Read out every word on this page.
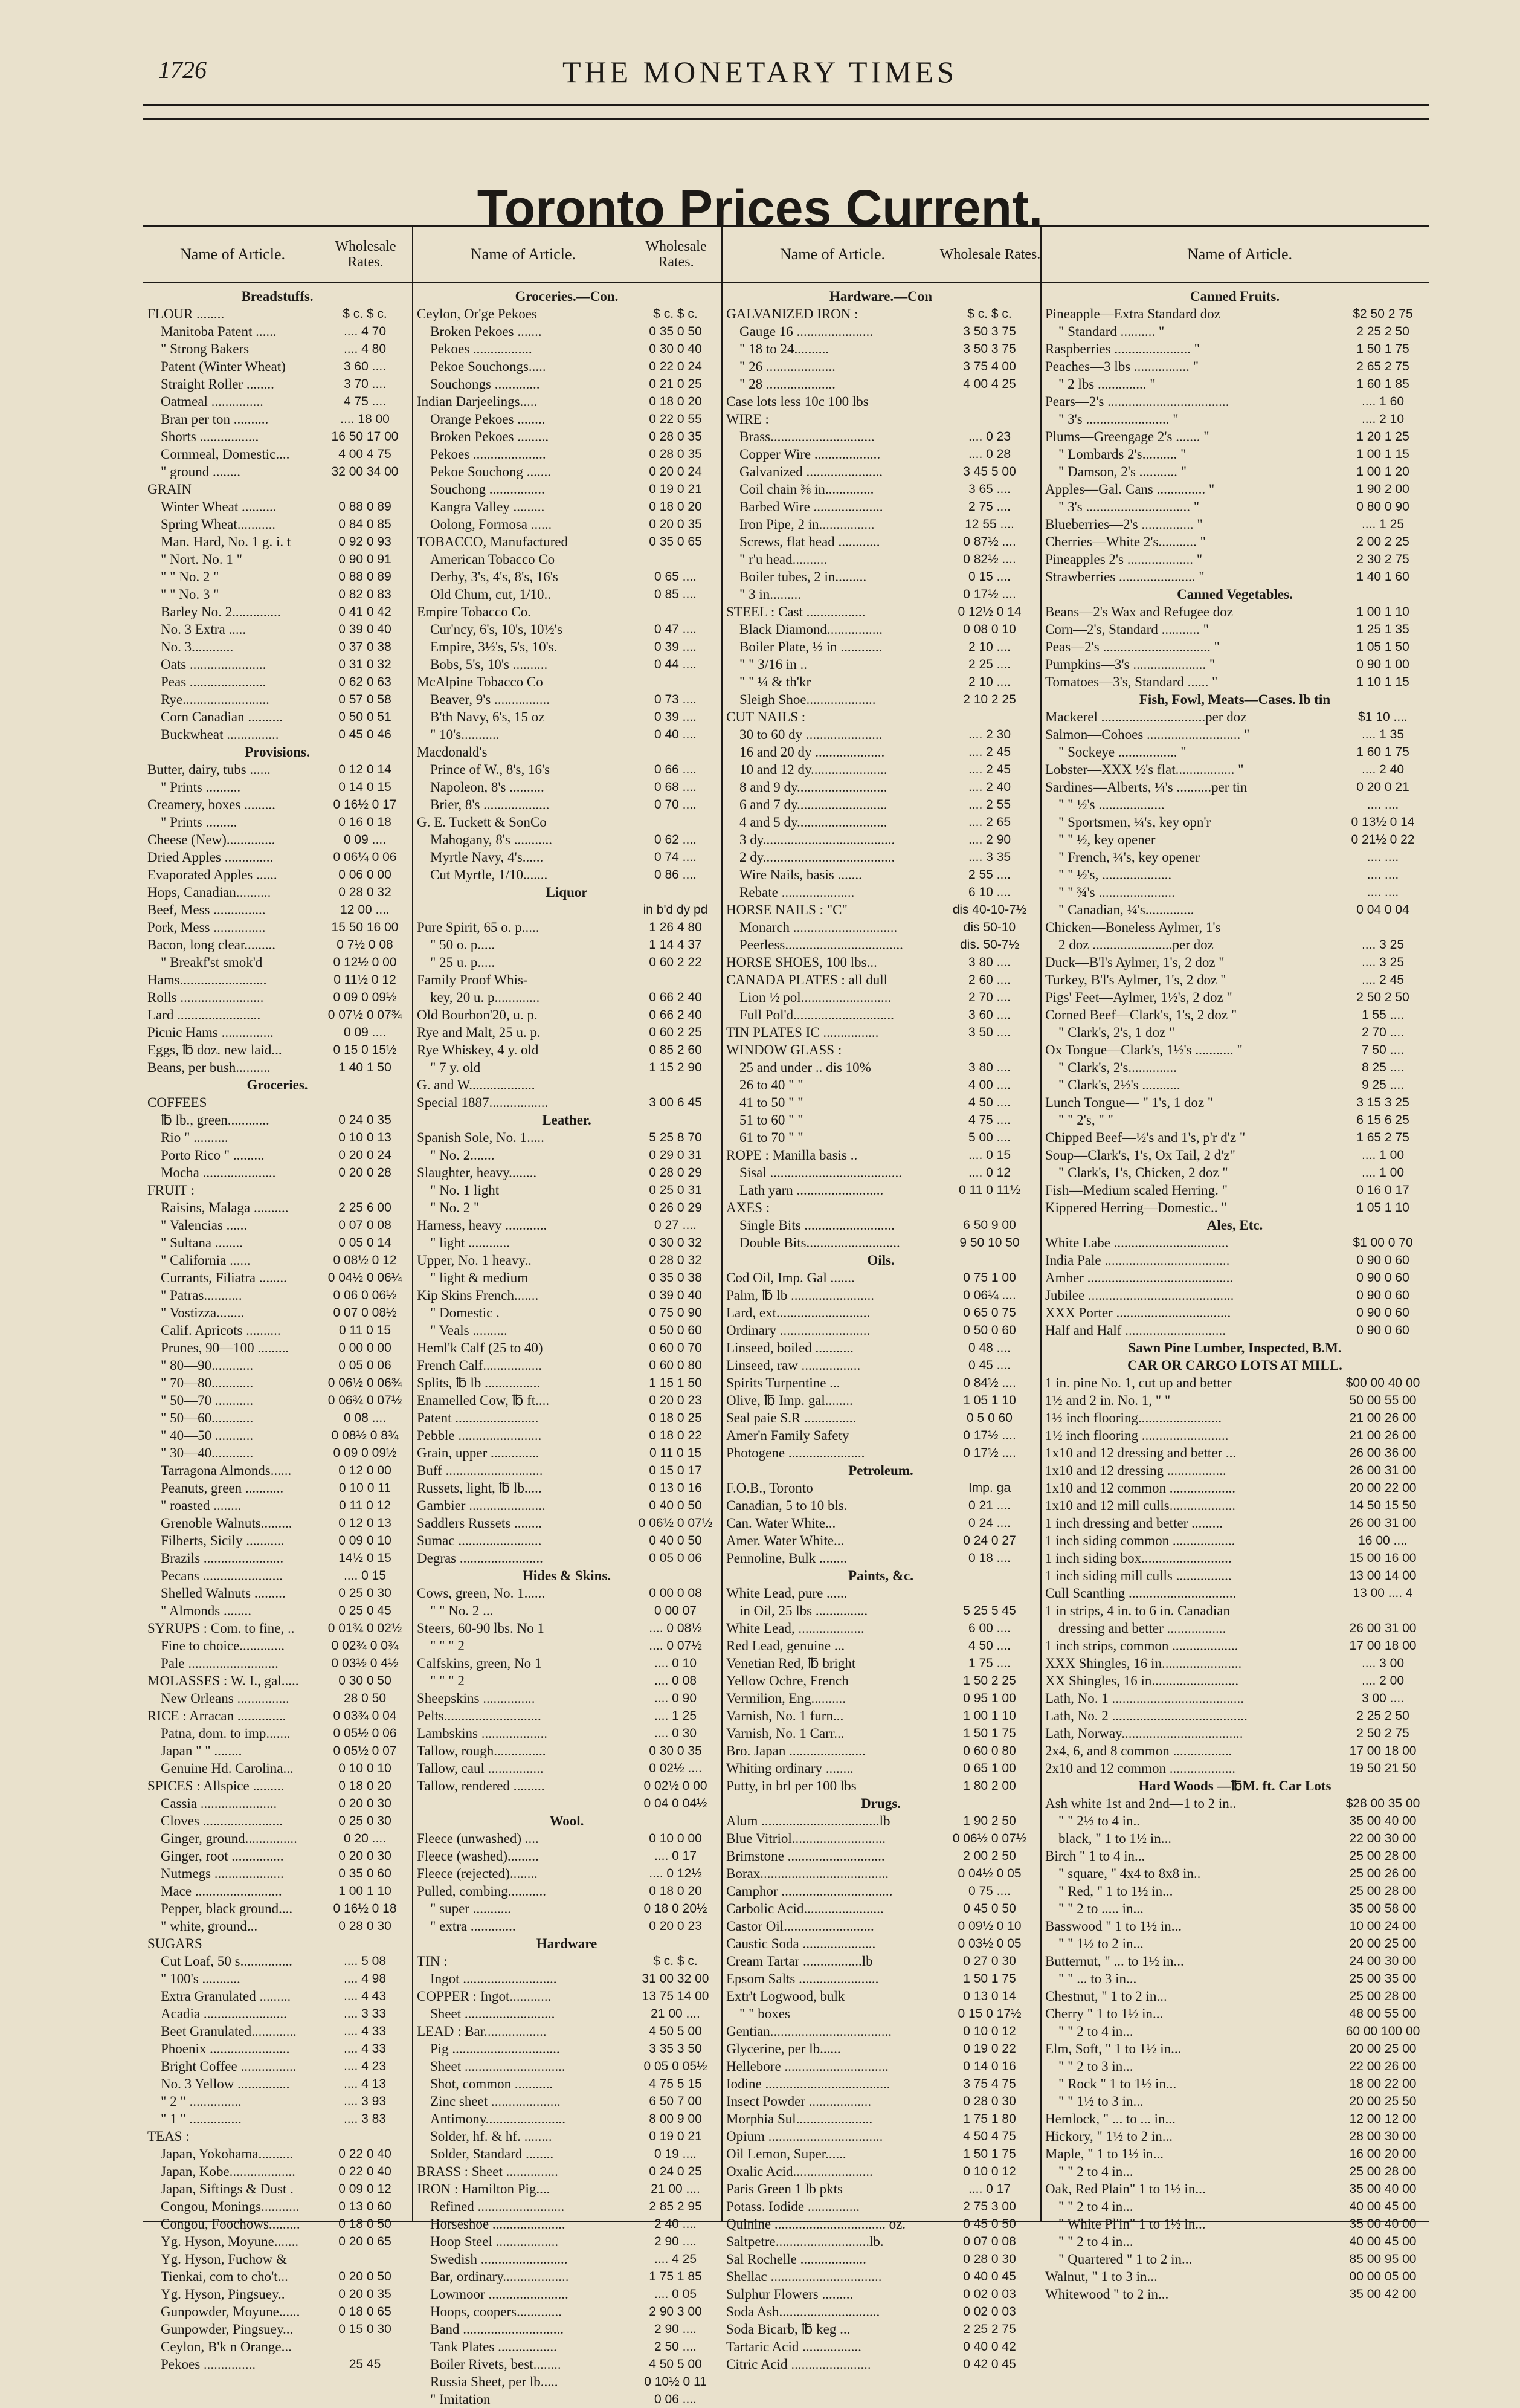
1726	THE MONETARY TIMES
Toronto Prices Current.
Name of Article.	Wholesale Rates.
Breadstuffs.
FLOUR ........	$ c. $ c.
Manitoba Patent ......	.... 4 70
" Strong Bakers	.... 4 80
Patent (Winter Wheat)	3 60 ....
Straight Roller ........	3 70 ....
Oatmeal ...............	4 75 ....
Bran per ton ..........	.... 18 00
Shorts .................	16 50 17 00
Cornmeal, Domestic....	4 00 4 75
" ground ........	32 00 34 00
GRAIN
Winter Wheat ..........	0 88 0 89
Spring Wheat...........	0 84 0 85
Man. Hard, No. 1 g. i. t	0 92 0 93
" Nort. No. 1 "	0 90 0 91
" " No. 2 "	0 88 0 89
" " No. 3 "	0 82 0 83
Barley No. 2..............	0 41 0 42
No. 3 Extra .....	0 39 0 40
No. 3............	0 37 0 38
Oats ......................	0 31 0 32
Peas ......................	0 62 0 63
Rye.........................	0 57 0 58
Corn Canadian ..........	0 50 0 51
Buckwheat ...............	0 45 0 46
Provisions.
Butter, dairy, tubs ......	0 12 0 14
" Prints ..........	0 14 0 15
Creamery, boxes .........	0 16½ 0 17
" Prints .........	0 16 0 18
Cheese (New)..............	0 09 ....
Dried Apples ..............	0 06¼ 0 06
Evaporated Apples ......	0 06 0 00
Hops, Canadian..........	0 28 0 32
Beef, Mess ...............	12 00 ....
Pork, Mess ...............	15 50 16 00
Bacon, long clear.........	0 7½ 0 08
" Breakf'st smok'd	0 12½ 0 00
Hams.........................	0 11½ 0 12
Rolls ........................	0 09 0 09½
Lard ........................	0 07½ 0 07¾
Picnic Hams ...............	0 09 ....
Eggs, ℔ doz. new laid...	0 15 0 15½
Beans, per bush..........	1 40 1 50
Groceries.
COFFEES
℔ lb., green............	0 24 0 35
Rio " ..........	0 10 0 13
Porto Rico " .........	0 20 0 24
Mocha .....................	0 20 0 28
FRUIT :
Raisins, Malaga ..........	2 25 6 00
" Valencias ......	0 07 0 08
" Sultana ........	0 05 0 14
" California ......	0 08½ 0 12
Currants, Filiatra ........	0 04½ 0 06¼
" Patras...........	0 06 0 06½
" Vostizza........	0 07 0 08½
Calif. Apricots ..........	0 11 0 15
Prunes, 90—100 .........	0 00 0 00
" 80—90............	0 05 0 06
" 70—80............	0 06½ 0 06¾
" 50—70 ...........	0 06¾ 0 07½
" 50—60............	0 08 ....
" 40—50 ...........	0 08½ 0 8¾
" 30—40............	0 09 0 09½
Tarragona Almonds......	0 12 0 00
Peanuts, green ...........	0 10 0 11
" roasted ........	0 11 0 12
Grenoble Walnuts.........	0 12 0 13
Filberts, Sicily ...........	0 09 0 10
Brazils .......................	14½ 0 15
Pecans .......................	.... 0 15
Shelled Walnuts .........	0 25 0 30
" Almonds ........	0 25 0 45
SYRUPS : Com. to fine, ..	0 01¾ 0 02½
Fine to choice.............	0 02¾ 0 0¾
Pale ..........................	0 03½ 0 4½
MOLASSES : W. I., gal.....	0 30 0 50
New Orleans ...............	28 0 50
RICE : Arracan ..............	0 03¾ 0 04
Patna, dom. to imp.......	0 05½ 0 06
Japan " " ........	0 05½ 0 07
Genuine Hd. Carolina...	0 10 0 10
SPICES : Allspice .........	0 18 0 20
Cassia ......................	0 20 0 30
Cloves .......................	0 25 0 30
Ginger, ground...............	0 20 ....
Ginger, root ...............	0 20 0 30
Nutmegs ....................	0 35 0 60
Mace .........................	1 00 1 10
Pepper, black ground....	0 16½ 0 18
" white, ground...	0 28 0 30
SUGARS
Cut Loaf, 50 s...............	.... 5 08
" 100's ...........	.... 4 98
Extra Granulated .........	.... 4 43
Acadia ........................	.... 3 33
Beet Granulated.............	.... 4 33
Phoenix .......................	.... 4 33
Bright Coffee ................	.... 4 23
No. 3 Yellow ...............	.... 4 13
" 2 " ...............	.... 3 93
" 1 " ...............	.... 3 83
TEAS :
Japan, Yokohama..........	0 22 0 40
Japan, Kobe...................	0 22 0 40
Japan, Siftings & Dust .	0 09 0 12
Congou, Monings...........	0 13 0 60
Congou, Foochows.........	0 18 0 50
Yg. Hyson, Moyune.......	0 20 0 65
Yg. Hyson, Fuchow &
Tienkai, com to cho't...	0 20 0 50
Yg. Hyson, Pingsuey..	0 20 0 35
Gunpowder, Moyune......	0 18 0 65
Gunpowder, Pingsuey...	0 15 0 30
Ceylon, B'k n Orange...
Pekoes ...............	25 45
Name of Article.	Wholesale Rates.
Groceries.—Con.
Ceylon, Or'ge Pekoes	$ c. $ c.
Broken Pekoes .......	0 35 0 50
Pekoes .................	0 30 0 40
Pekoe Souchongs.....	0 22 0 24
Souchongs .............	0 21 0 25
Indian Darjeelings.....	0 18 0 20
Orange Pekoes ........	0 22 0 55
Broken Pekoes .........	0 28 0 35
Pekoes .....................	0 28 0 35
Pekoe Souchong .......	0 20 0 24
Souchong ................	0 19 0 21
Kangra Valley .........	0 18 0 20
Oolong, Formosa ......	0 20 0 35
TOBACCO, Manufactured	0 35 0 65
American Tobacco Co
Derby, 3's, 4's, 8's, 16's	0 65 ....
Old Chum, cut, 1/10..	0 85 ....
Empire Tobacco Co.
Cur'ncy, 6's, 10's, 10½'s	0 47 ....
Empire, 3½'s, 5's, 10's.	0 39 ....
Bobs, 5's, 10's ..........	0 44 ....
McAlpine Tobacco Co
Beaver, 9's ................	0 73 ....
B'th Navy, 6's, 15 oz	0 39 ....
" 10's...........	0 40 ....
Macdonald's
Prince of W., 8's, 16's	0 66 ....
Napoleon, 8's ..........	0 68 ....
Brier, 8's ...................	0 70 ....
G. E. Tuckett & SonCo
Mahogany, 8's ...........	0 62 ....
Myrtle Navy, 4's......	0 74 ....
Cut Myrtle, 1/10.......	0 86 ....
Liquor
in b'd dy pd
Pure Spirit, 65 o. p.....	1 26 4 80
" 50 o. p.....	1 14 4 37
" 25 u. p.....	0 60 2 22
Family Proof Whis-
key, 20 u. p.............	0 66 2 40
Old Bourbon'20, u. p.	0 66 2 40
Rye and Malt, 25 u. p.	0 60 2 25
Rye Whiskey, 4 y. old	0 85 2 60
" 7 y. old	1 15 2 90
G. and W...................
Special 1887.................	3 00 6 45
Leather.
Spanish Sole, No. 1.....	5 25 8 70
" No. 2.......	0 29 0 31
Slaughter, heavy........	0 28 0 29
" No. 1 light	0 25 0 31
" No. 2 "	0 26 0 29
Harness, heavy ............	0 27 ....
" light ............	0 30 0 32
Upper, No. 1 heavy..	0 28 0 32
" light & medium	0 35 0 38
Kip Skins French.......	0 39 0 40
" Domestic .	0 75 0 90
" Veals ..........	0 50 0 60
Heml'k Calf (25 to 40)	0 60 0 70
French Calf.................	0 60 0 80
Splits, ℔ lb ................	1 15 1 50
Enamelled Cow, ℔ ft....	0 20 0 23
Patent ........................	0 18 0 25
Pebble ........................	0 18 0 22
Grain, upper ..............	0 11 0 15
Buff ............................	0 15 0 17
Russets, light, ℔ lb.....	0 13 0 16
Gambier ......................	0 40 0 50
Saddlers Russets ........	0 06½ 0 07½
Sumac ........................	0 40 0 50
Degras ........................	0 05 0 06
Hides & Skins.
Cows, green, No. 1......	0 00 0 08
" " No. 2 ...	0 00 07
Steers, 60-90 lbs. No 1	.... 0 08½
" " " 2	.... 0 07½
Calfskins, green, No 1	.... 0 10
" " " 2	.... 0 08
Sheepskins ...............	.... 0 90
Pelts............................	.... 1 25
Lambskins ...................	.... 0 30
Tallow, rough...............	0 30 0 35
Tallow, caul ................	0 02½ ....
Tallow, rendered .........	0 02½ 0 00
0 04 0 04½
Wool.
Fleece (unwashed) ....	0 10 0 00
Fleece (washed).........	.... 0 17
Fleece (rejected)........	.... 0 12½
Pulled, combing...........	0 18 0 20
" super ...........	0 18 0 20½
" extra .............	0 20 0 23
Hardware
TIN :	$ c. $ c.
Ingot ...........................	31 00 32 00
COPPER : Ingot............	13 75 14 00
Sheet ..........................	21 00 ....
LEAD : Bar..................	4 50 5 00
Pig ...............................	3 35 3 50
Sheet .............................	0 05 0 05½
Shot, common ...........	4 75 5 15
Zinc sheet ....................	6 50 7 00
Antimony.......................	8 00 9 00
Solder, hf. & hf. ........	0 19 0 21
Solder, Standard ........	0 19 ....
BRASS : Sheet ...............	0 24 0 25
IRON : Hamilton Pig....	21 00 ....
Refined .........................	2 85 2 95
Horseshoe .....................	2 40 ....
Hoop Steel ..................	2 90 ....
Swedish .........................	.... 4 25
Bar, ordinary...................	1 75 1 85
Lowmoor .......................	.... 0 05
Hoops, coopers.............	2 90 3 00
Band .............................	2 90 ....
Tank Plates .................	2 50 ....
Boiler Rivets, best........	4 50 5 00
Russia Sheet, per lb.....	0 10½ 0 11
" Imitation	0 06 ....
Name of Article.	Wholesale Rates.
Hardware.—Con
GALVANIZED IRON :	$ c. $ c.
Gauge 16 ......................	3 50 3 75
" 18 to 24..........	3 50 3 75
" 26 ....................	3 75 4 00
" 28 ....................	4 00 4 25
Case lots less 10c 100 lbs
WIRE :
Brass..............................	.... 0 23
Copper Wire ...................	.... 0 28
Galvanized ......................	3 45 5 00
Coil chain ⅜ in..............	3 65 ....
Barbed Wire ....................	2 75 ....
Iron Pipe, 2 in................	12 55 ....
Screws, flat head ............	0 87½ ....
" r'u head..........	0 82½ ....
Boiler tubes, 2 in.........	0 15 ....
" 3 in.........	0 17½ ....
STEEL : Cast .................	0 12½ 0 14
Black Diamond................	0 08 0 10
Boiler Plate, ½ in ............	2 10 ....
" " 3/16 in ..	2 25 ....
" " ¼ & th'kr	2 10 ....
Sleigh Shoe....................	2 10 2 25
CUT NAILS :
30 to 60 dy ......................	.... 2 30
16 and 20 dy ....................	.... 2 45
10 and 12 dy......................	.... 2 45
8 and 9 dy..........................	.... 2 40
6 and 7 dy..........................	.... 2 55
4 and 5 dy..........................	.... 2 65
3 dy......................................	.... 2 90
2 dy......................................	.... 3 35
Wire Nails, basis .......	2 55 ....
Rebate .....................	6 10 ....
HORSE NAILS : "C"	dis 40-10-7½
Monarch ..............................	dis 50-10
Peerless..................................	dis. 50-7½
HORSE SHOES, 100 lbs...	3 80 ....
CANADA PLATES : all dull	2 60 ....
Lion ½ pol..........................	2 70 ....
Full Pol'd.............................	3 60 ....
TIN PLATES IC ................	3 50 ....
WINDOW GLASS :
25 and under .. dis 10%	3 80 ....
26 to 40 " "	4 00 ....
41 to 50 " "	4 50 ....
51 to 60 " "	4 75 ....
61 to 70 " "	5 00 ....
ROPE : Manilla basis ..	.... 0 15
Sisal ......................................	.... 0 12
Lath yarn .........................	0 11 0 11½
AXES :
Single Bits ..........................	6 50 9 00
Double Bits...........................	9 50 10 50
Oils.
Cod Oil, Imp. Gal .......	0 75 1 00
Palm, ℔ lb ........................	0 06¼ ....
Lard, ext...........................	0 65 0 75
Ordinary ..........................	0 50 0 60
Linseed, boiled ...........	0 48 ....
Linseed, raw .................	0 45 ....
Spirits Turpentine ...	0 84½ ....
Olive, ℔ Imp. gal........	1 05 1 10
Seal paie S.R ...............	0 5 0 60
Amer'n Family Safety	0 17½ ....
Photogene ......................	0 17½ ....
Petroleum.
F.O.B., Toronto	Imp. ga
Canadian, 5 to 10 bls.	0 21 ....
Can. Water White...	0 24 ....
Amer. Water White...	0 24 0 27
Pennoline, Bulk ........	0 18 ....
Paints, &c.
White Lead, pure ......
in Oil, 25 lbs ...............	5 25 5 45
White Lead, ...................	6 00 ....
Red Lead, genuine ...	4 50 ....
Venetian Red, ℔ bright	1 75 ....
Yellow Ochre, French	1 50 2 25
Vermilion, Eng..........	0 95 1 00
Varnish, No. 1 furn...	1 00 1 10
Varnish, No. 1 Carr...	1 50 1 75
Bro. Japan ......................	0 60 0 80
Whiting ordinary ........	0 65 1 00
Putty, in brl per 100 lbs	1 80 2 00
Drugs.
Alum ..................................lb	1 90 2 50
Blue Vitriol...........................	0 06½ 0 07½
Brimstone ............................	2 00 2 50
Borax.....................................	0 04½ 0 05
Camphor ................................	0 75 ....
Carbolic Acid.......................	0 45 0 50
Castor Oil..........................	0 09½ 0 10
Caustic Soda .....................	0 03½ 0 05
Cream Tartar .................lb	0 27 0 30
Epsom Salts .......................	1 50 1 75
Extr't Logwood, bulk	0 13 0 14
" " boxes	0 15 0 17½
Gentian...................................	0 10 0 12
Glycerine, per lb......	0 19 0 22
Hellebore ..............................	0 14 0 16
Iodine ....................................	3 75 4 75
Insect Powder ..................	0 28 0 30
Morphia Sul......................	1 75 1 80
Opium .................................	4 50 4 75
Oil Lemon, Super......	1 50 1 75
Oxalic Acid.......................	0 10 0 12
Paris Green 1 lb pkts	.... 0 17
Potass. Iodide ...............	2 75 3 00
Quinine ................................ oz.	0 45 0 50
Saltpetre...........................lb.	0 07 0 08
Sal Rochelle ...................	0 28 0 30
Shellac ................................	0 40 0 45
Sulphur Flowers .........	0 02 0 03
Soda Ash.............................	0 02 0 03
Soda Bicarb, ℔ keg ...	2 25 2 75
Tartaric Acid .................	0 40 0 42
Citric Acid .......................	0 42 0 45
Name of Article.
Canned Fruits.
Pineapple—Extra Standard doz	$2 50 2 75
" Standard .......... "	2 25 2 50
Raspberries ...................... "	1 50 1 75
Peaches—3 lbs ................ "	2 65 2 75
" 2 lbs .............. "	1 60 1 85
Pears—2's ...................................	.... 1 60
" 3's ........................ "	.... 2 10
Plums—Greengage 2's ....... "	1 20 1 25
" Lombards 2's.......... "	1 00 1 15
" Damson, 2's ........... "	1 00 1 20
Apples—Gal. Cans .............. "	1 90 2 00
" 3's .............................. "	0 80 0 90
Blueberries—2's ............... "	.... 1 25
Cherries—White 2's........... "	2 00 2 25
Pineapples 2's ................... "	2 30 2 75
Strawberries ...................... "	1 40 1 60
Canned Vegetables.
Beans—2's Wax and Refugee doz	1 00 1 10
Corn—2's, Standard ........... "	1 25 1 35
Peas—2's ............................... "	1 05 1 50
Pumpkins—3's ..................... "	0 90 1 00
Tomatoes—3's, Standard ...... "	1 10 1 15
Fish, Fowl, Meats—Cases. lb tin
Mackerel ..............................per doz	$1 10 ....
Salmon—Cohoes ........................... "	.... 1 35
" Sockeye ................. "	1 60 1 75
Lobster—XXX ½'s flat................. "	.... 2 40
Sardines—Alberts, ¼'s ..........per tin	0 20 0 21
" " ½'s ...................	.... ....
" Sportsmen, ¼'s, key opn'r	0 13½ 0 14
" " ½, key opener	0 21½ 0 22
" French, ¼'s, key opener	.... ....
" " ½'s, ....................	.... ....
" " ¾'s ......................	.... ....
" Canadian, ¼'s..............	0 04 0 04
Chicken—Boneless Aylmer, 1's
2 doz .......................per doz	.... 3 25
Duck—B'l's Aylmer, 1's, 2 doz "	.... 3 25
Turkey, B'l's Aylmer, 1's, 2 doz "	.... 2 45
Pigs' Feet—Aylmer, 1½'s, 2 doz "	2 50 2 50
Corned Beef—Clark's, 1's, 2 doz "	1 55 ....
" Clark's, 2's, 1 doz "	2 70 ....
Ox Tongue—Clark's, 1½'s ........... "	7 50 ....
" Clark's, 2's..............	8 25 ....
" Clark's, 2½'s ...........	9 25 ....
Lunch Tongue— " 1's, 1 doz "	3 15 3 25
" " 2's, " "	6 15 6 25
Chipped Beef—½'s and 1's, p'r d'z "	1 65 2 75
Soup—Clark's, 1's, Ox Tail, 2 d'z"	.... 1 00
" Clark's, 1's, Chicken, 2 doz "	.... 1 00
Fish—Medium scaled Herring. "	0 16 0 17
Kippered Herring—Domestic.. "	1 05 1 10
Ales, Etc.
White Labe .................................	$1 00 0 70
India Pale ....................................	0 90 0 60
Amber ..........................................	0 90 0 60
Jubilee ..........................................	0 90 0 60
XXX Porter .................................	0 90 0 60
Half and Half .............................	0 90 0 60
Sawn Pine Lumber, Inspected, B.M.
CAR OR CARGO LOTS AT MILL.
1 in. pine No. 1, cut up and better	$00 00 40 00
1½ and 2 in. No. 1, " "	50 00 55 00
1½ inch flooring........................	21 00 26 00
1½ inch flooring .........................	21 00 26 00
1x10 and 12 dressing and better ...	26 00 36 00
1x10 and 12 dressing .................	26 00 31 00
1x10 and 12 common ...................	20 00 22 00
1x10 and 12 mill culls...................	14 50 15 50
1 inch dressing and better .........	26 00 31 00
1 inch siding common ..................	16 00 ....
1 inch siding box..........................	15 00 16 00
1 inch siding mill culls ................	13 00 14 00
Cull Scantling ...............................	13 00 .... 4
1 in strips, 4 in. to 6 in. Canadian
dressing and better .................	26 00 31 00
1 inch strips, common ...................	17 00 18 00
XXX Shingles, 16 in.......................	.... 3 00
XX Shingles, 16 in.........................	.... 2 00
Lath, No. 1 ......................................	3 00 ....
Lath, No. 2 .......................................	2 25 2 50
Lath, Norway...................................	2 50 2 75
2x4, 6, and 8 common .................	17 00 18 00
2x10 and 12 common ...................	19 50 21 50
Hard Woods —℔M. ft. Car Lots
Ash white 1st and 2nd—1 to 2 in..	$28 00 35 00
" " 2½ to 4 in..	35 00 40 00
black, " 1 to 1½ in...	22 00 30 00
Birch " 1 to 4 in...	25 00 28 00
" square, " 4x4 to 8x8 in..	25 00 26 00
" Red, " 1 to 1½ in...	25 00 28 00
" " 2 to ..... in...	35 00 58 00
Basswood " 1 to 1½ in...	10 00 24 00
" " 1½ to 2 in...	20 00 25 00
Butternut, " ... to 1½ in...	24 00 30 00
" " ... to 3 in...	25 00 35 00
Chestnut, " 1 to 2 in...	25 00 28 00
Cherry " 1 to 1½ in...	48 00 55 00
" " 2 to 4 in...	60 00 100 00
Elm, Soft, " 1 to 1½ in...	20 00 25 00
" " 2 to 3 in...	22 00 26 00
" Rock " 1 to 1½ in...	18 00 22 00
" " 1½ to 3 in...	20 00 25 50
Hemlock, " ... to ... in...	12 00 12 00
Hickory, " 1½ to 2 in...	28 00 30 00
Maple, " 1 to 1½ in...	16 00 20 00
" " 2 to 4 in...	25 00 28 00
Oak, Red Plain" 1 to 1½ in...	35 00 40 00
" " 2 to 4 in...	40 00 45 00
" White Pl'in" 1 to 1½ in...	35 00 40 00
" " 2 to 4 in...	40 00 45 00
" Quartered " 1 to 2 in...	85 00 95 00
Walnut, " 1 to 3 in...	00 00 05 00
Whitewood " to 2 in...	35 00 42 00
